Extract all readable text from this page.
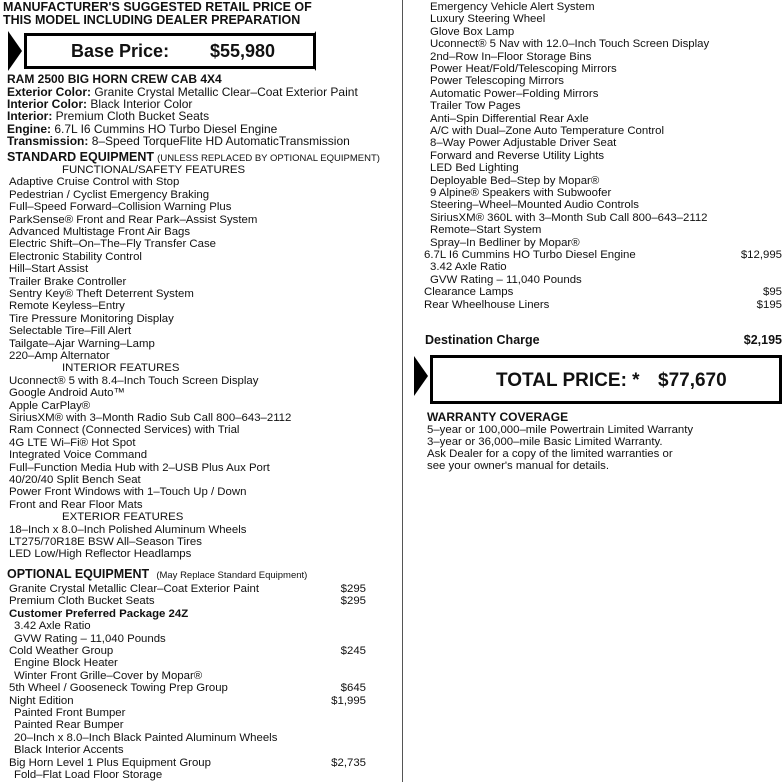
MANUFACTURER'S SUGGESTED RETAIL PRICE OF
THIS MODEL INCLUDING DEALER PREPARATION
Base Price: $55,980
RAM 2500 BIG HORN CREW CAB 4X4
Exterior Color: Granite Crystal Metallic Clear–Coat Exterior Paint
Interior Color: Black Interior Color
Interior: Premium Cloth Bucket Seats
Engine: 6.7L I6 Cummins HO Turbo Diesel Engine
Transmission: 8–Speed TorqueFlite HD AutomaticTransmission
STANDARD EQUIPMENT (UNLESS REPLACED BY OPTIONAL EQUIPMENT)
FUNCTIONAL/SAFETY FEATURES
Adaptive Cruise Control with Stop
Pedestrian / Cyclist Emergency Braking
Full–Speed Forward–Collision Warning Plus
ParkSense® Front and Rear Park–Assist System
Advanced Multistage Front Air Bags
Electric Shift–On–The–Fly Transfer Case
Electronic Stability Control
Hill–Start Assist
Trailer Brake Controller
Sentry Key® Theft Deterrent System
Remote Keyless–Entry
Tire Pressure Monitoring Display
Selectable Tire–Fill Alert
Tailgate–Ajar Warning–Lamp
220–Amp Alternator
INTERIOR FEATURES
Uconnect® 5 with 8.4–Inch Touch Screen Display
Google Android Auto™
Apple CarPlay®
SiriusXM® with 3–Month Radio Sub Call 800–643–2112
Ram Connect (Connected Services) with Trial
4G LTE Wi–Fi® Hot Spot
Integrated Voice Command
Full–Function Media Hub with 2–USB Plus Aux Port
40/20/40 Split Bench Seat
Power Front Windows with 1–Touch Up / Down
Front and Rear Floor Mats
EXTERIOR FEATURES
18–Inch x 8.0–Inch Polished Aluminum Wheels
LT275/70R18E BSW All–Season Tires
LED Low/High Reflector Headlamps
OPTIONAL EQUIPMENT (May Replace Standard Equipment)
Granite Crystal Metallic Clear–Coat Exterior Paint	$295
Premium Cloth Bucket Seats	$295
Customer Preferred Package 24Z
3.42 Axle Ratio
GVW Rating – 11,040 Pounds
Cold Weather Group	$245
Engine Block Heater
Winter Front Grille–Cover by Mopar®
5th Wheel / Gooseneck Towing Prep Group	$645
Night Edition	$1,995
Painted Front Bumper
Painted Rear Bumper
20–Inch x 8.0–Inch Black Painted Aluminum Wheels
Black Interior Accents
Big Horn Level 1 Plus Equipment Group	$2,735
Fold–Flat Load Floor Storage
Emergency Vehicle Alert System
Luxury Steering Wheel
Glove Box Lamp
Uconnect® 5 Nav with 12.0–Inch Touch Screen Display
2nd–Row In–Floor Storage Bins
Power Heat/Fold/Telescoping Mirrors
Power Telescoping Mirrors
Automatic Power–Folding Mirrors
Trailer Tow Pages
Anti–Spin Differential Rear Axle
A/C with Dual–Zone Auto Temperature Control
8–Way Power Adjustable Driver Seat
Forward and Reverse Utility Lights
LED Bed Lighting
Deployable Bed–Step by Mopar®
9 Alpine® Speakers with Subwoofer
Steering–Wheel–Mounted Audio Controls
SiriusXM® 360L with 3–Month Sub Call 800–643–2112
Remote–Start System
Spray–In Bedliner by Mopar®
6.7L I6 Cummins HO Turbo Diesel Engine	$12,995
3.42 Axle Ratio
GVW Rating – 11,040 Pounds
Clearance Lamps	$95
Rear Wheelhouse Liners	$195
Destination Charge	$2,195
TOTAL PRICE: * $77,670
WARRANTY COVERAGE
5–year or 100,000–mile Powertrain Limited Warranty
3–year or 36,000–mile Basic Limited Warranty.
Ask Dealer for a copy of the limited warranties or
see your owner's manual for details.
